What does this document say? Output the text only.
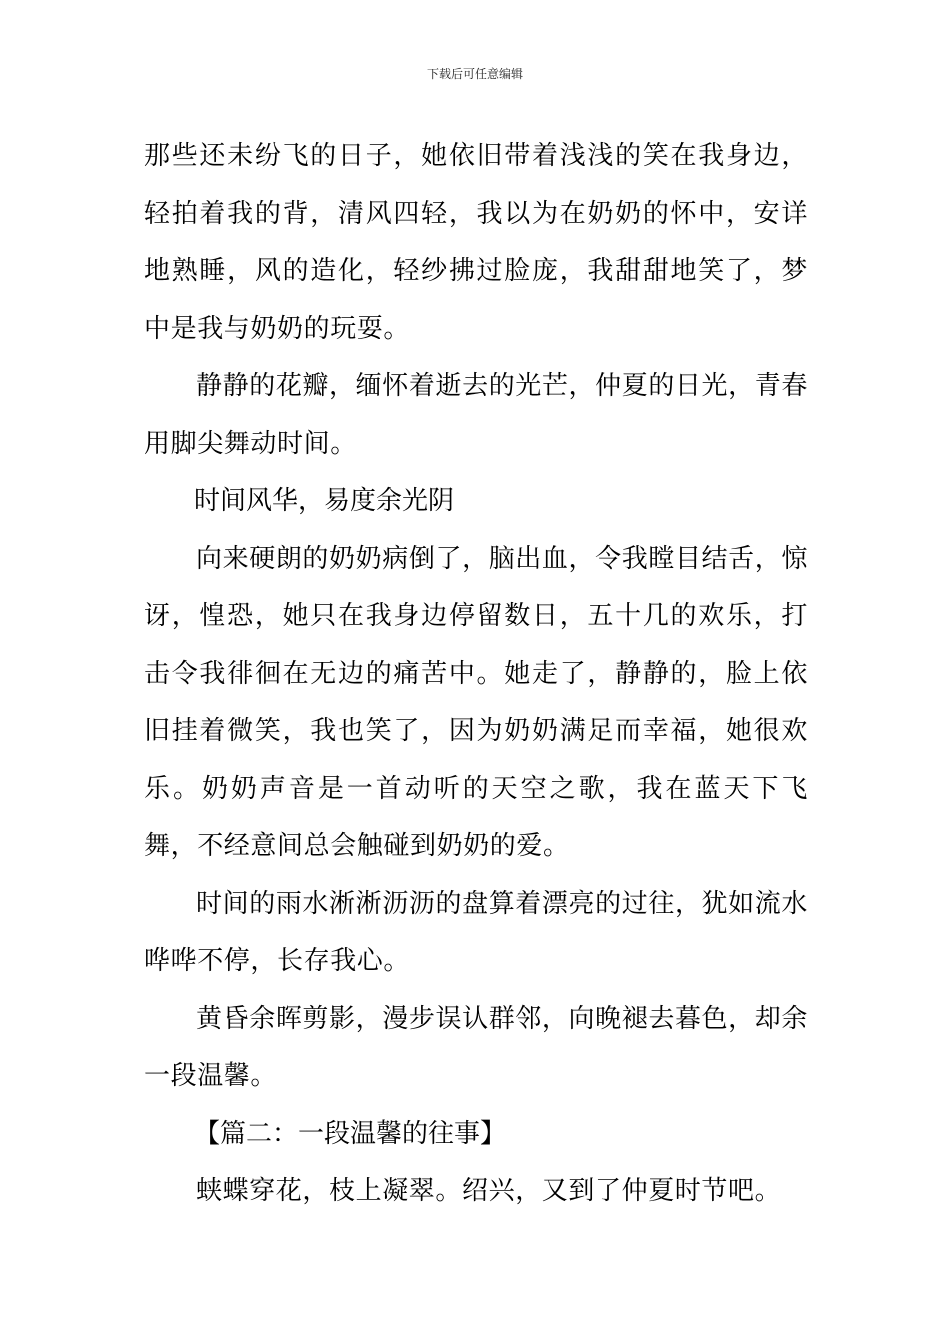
下载后可任意编辑

那些还未纷飞的日子，她依旧带着浅浅的笑在我身边，轻拍着我的背，清风四轻，我以为在奶奶的怀中，安详地熟睡，风的造化，轻纱拂过脸庞，我甜甜地笑了，梦中是我与奶奶的玩耍。

静静的花瓣，缅怀着逝去的光芒，仲夏的日光，青春用脚尖舞动时间。

时间风华，易度余光阴

向来硬朗的奶奶病倒了，脑出血，令我瞠目结舌，惊讶，惶恐，她只在我身边停留数日，五十几的欢乐，打击令我徘徊在无边的痛苦中。她走了，静静的，脸上依旧挂着微笑，我也笑了，因为奶奶满足而幸福，她很欢乐。奶奶声音是一首动听的天空之歌，我在蓝天下飞舞，不经意间总会触碰到奶奶的爱。

时间的雨水淅淅沥沥的盘算着漂亮的过往，犹如流水哗哗不停，长存我心。

黄昏余晖剪影，漫步误认群邻，向晚褪去暮色，却余一段温馨。

【篇二：一段温馨的往事】

蛱蝶穿花，枝上凝翠。绍兴，又到了仲夏时节吧。
